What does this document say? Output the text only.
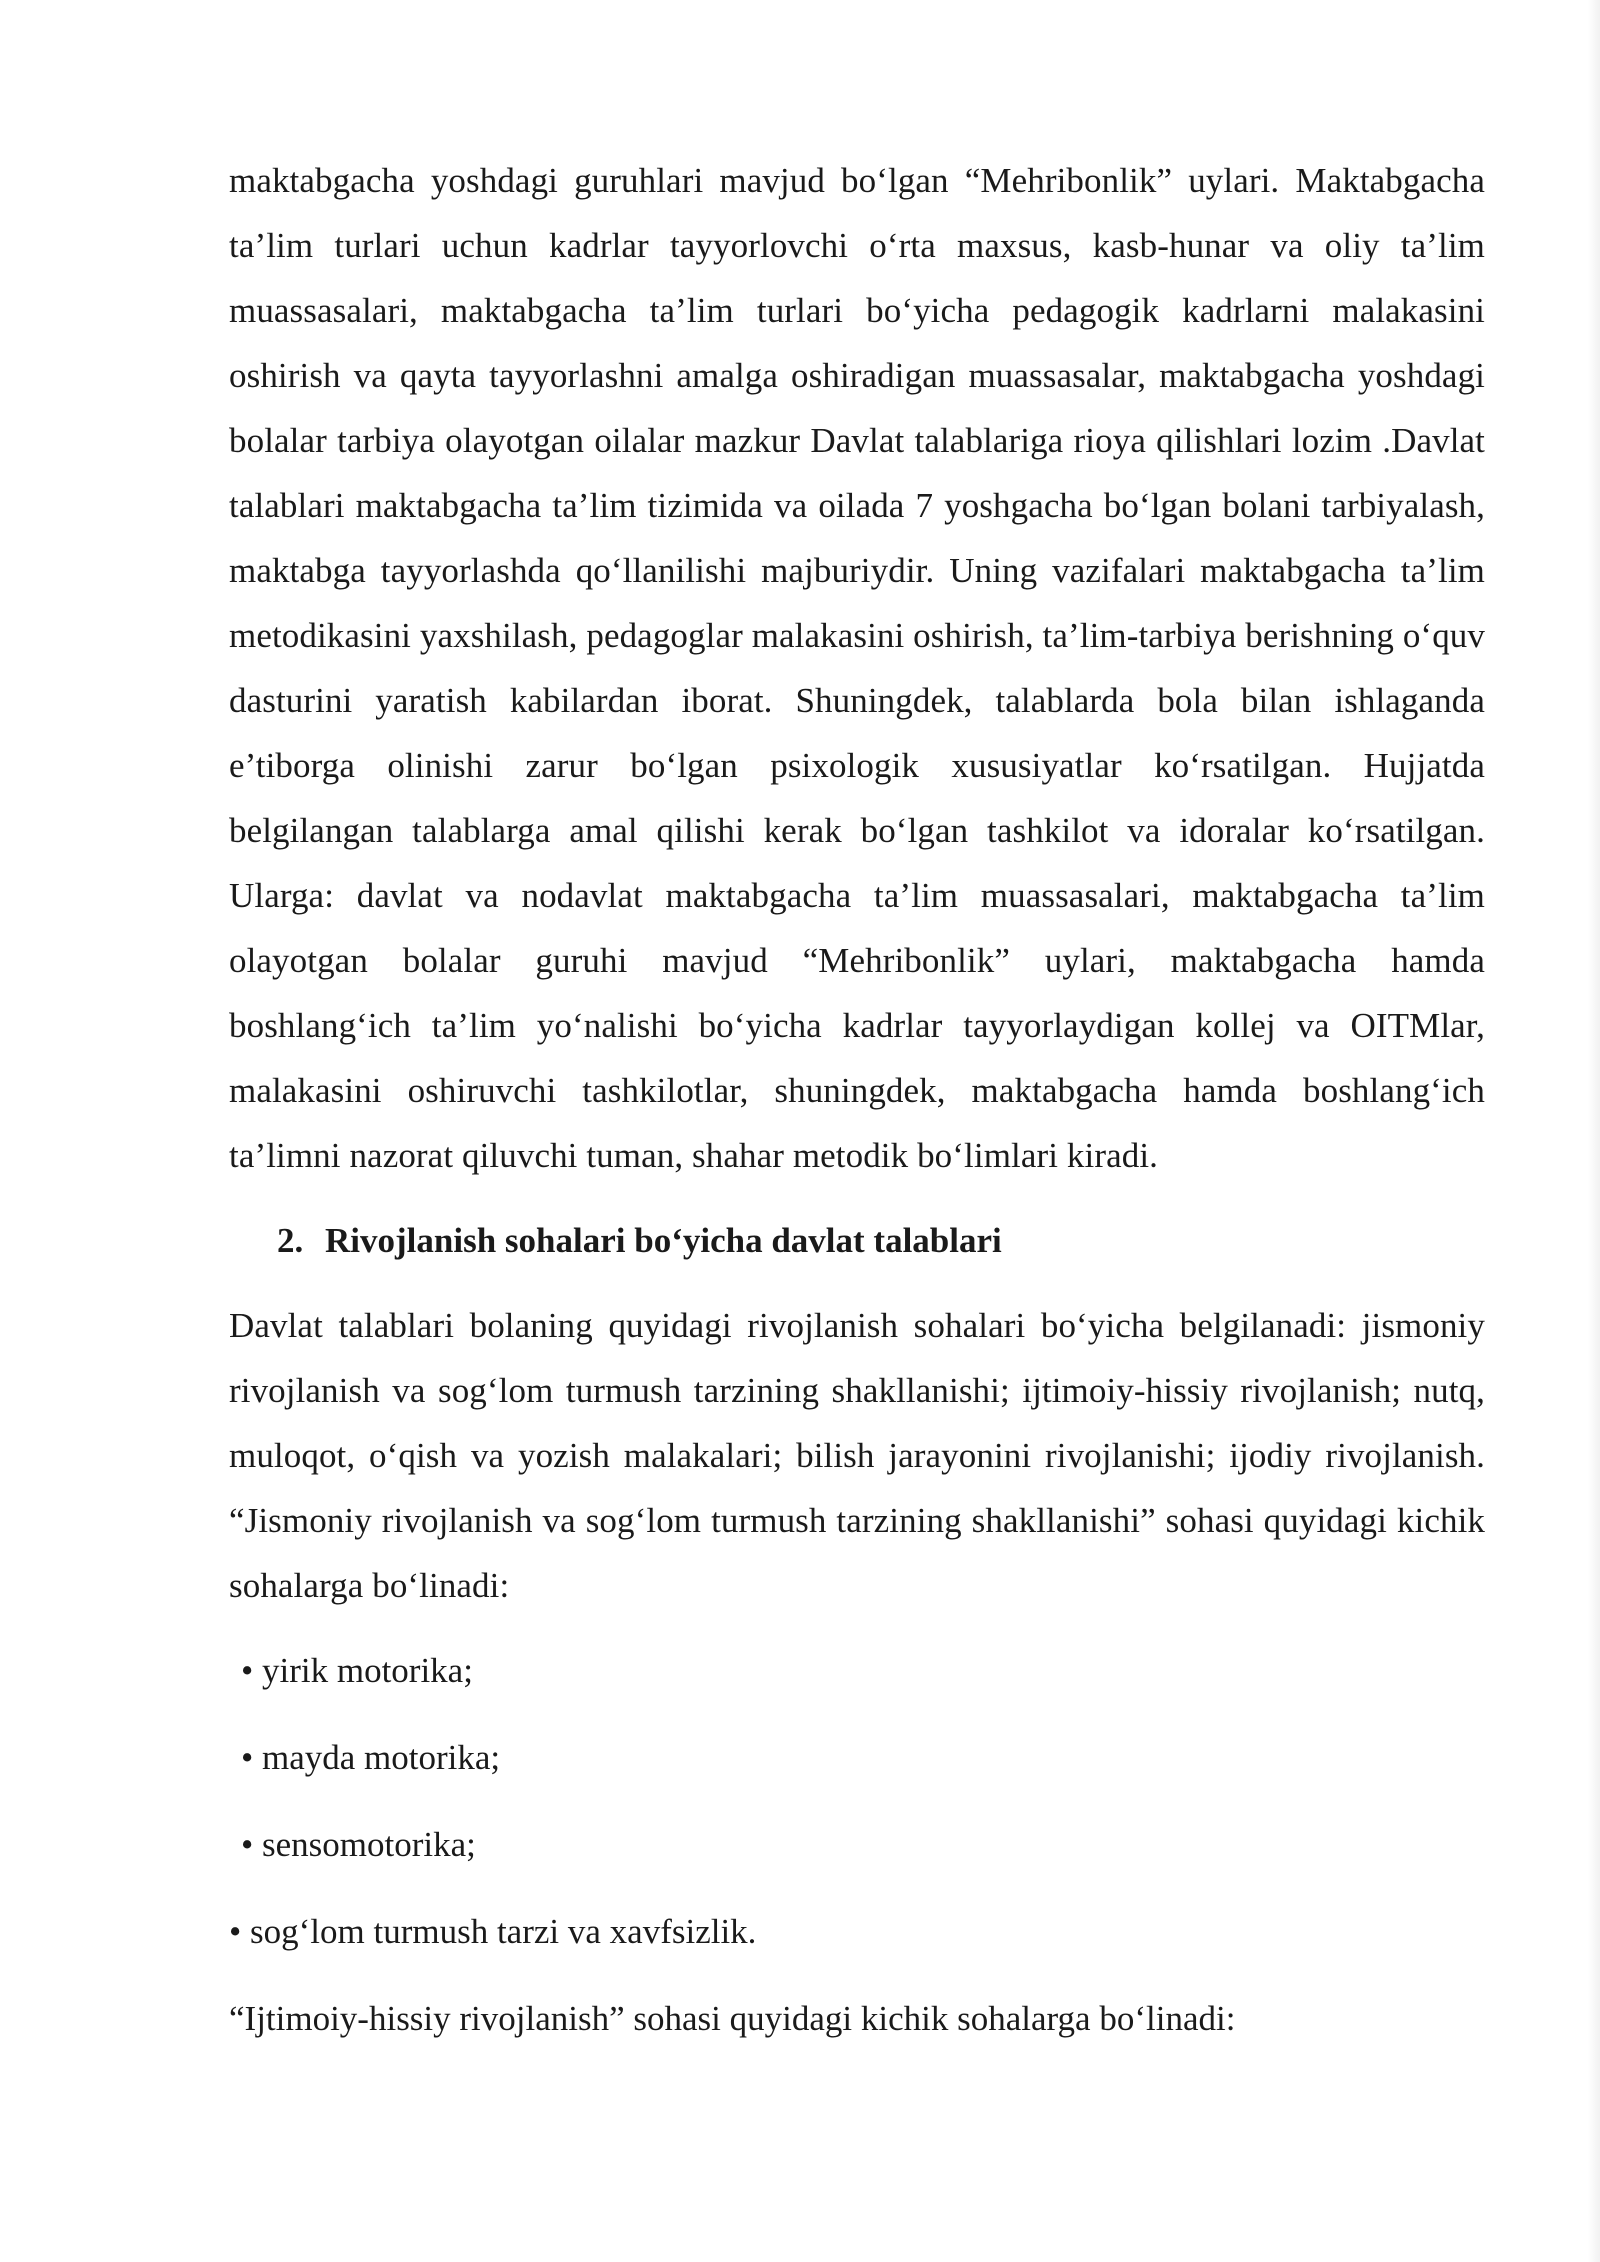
maktabgacha yoshdagi guruhlari mavjud bo‘lgan “Mehribonlik” uylari. Maktabgacha ta’lim turlari uchun kadrlar tayyorlovchi o‘rta maxsus, kasb-hunar va oliy ta’lim muassasalari, maktabgacha ta’lim turlari bo‘yicha pedagogik kadrlarni malakasini oshirish va qayta tayyorlashni amalga oshiradigan muassasalar, maktabgacha yoshdagi bolalar tarbiya olayotgan oilalar mazkur Davlat talablariga rioya qilishlari lozim .Davlat talablari maktabgacha ta’lim tizimida va oilada 7 yoshgacha bo‘lgan bolani tarbiyalash, maktabga tayyorlashda qo‘llanilishi majburiydir. Uning vazifalari maktabgacha ta’lim metodikasini yaxshilash, pedagoglar malakasini oshirish, ta’lim-tarbiya berishning o‘quv dasturini yaratish kabilardan iborat. Shuningdek, talablarda bola bilan ishlaganda e’tiborga olinishi zarur bo‘lgan psixologik xususiyatlar ko‘rsatilgan. Hujjatda belgilangan talablarga amal qilishi kerak bo‘lgan tashkilot va idoralar ko‘rsatilgan. Ularga: davlat va nodavlat maktabgacha ta’lim muassasalari, maktabgacha ta’lim olayotgan bolalar guruhi mavjud “Mehribonlik” uylari, maktabgacha hamda boshlang‘ich ta’lim yo‘nalishi bo‘yicha kadrlar tayyorlaydigan kollej va OITMlar, malakasini oshiruvchi tashkilotlar, shuningdek, maktabgacha hamda boshlang‘ich ta’limni nazorat qiluvchi tuman, shahar metodik bo‘limlari kiradi.

2. Rivojlanish sohalari bo‘yicha davlat talablari

Davlat talablari bolaning quyidagi rivojlanish sohalari bo‘yicha belgilanadi: jismoniy rivojlanish va sog‘lom turmush tarzining shakllanishi; ijtimoiy-hissiy rivojlanish; nutq, muloqot, o‘qish va yozish malakalari; bilish jarayonini rivojlanishi; ijodiy rivojlanish. “Jismoniy rivojlanish va sog‘lom turmush tarzining shakllanishi” sohasi quyidagi kichik sohalarga bo‘linadi:

• yirik motorika;

• mayda motorika;

• sensomotorika;

• sog‘lom turmush tarzi va xavfsizlik.

“Ijtimoiy-hissiy rivojlanish” sohasi quyidagi kichik sohalarga bo‘linadi:
